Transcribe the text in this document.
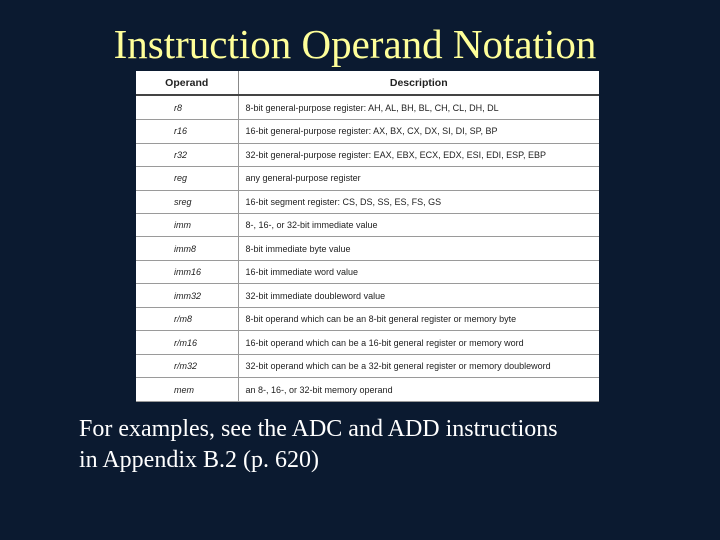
Instruction Operand Notation
Operand	Description
r8	8-bit general-purpose register: AH, AL, BH, BL, CH, CL, DH, DL
r16	16-bit general-purpose register: AX, BX, CX, DX, SI, DI, SP, BP
r32	32-bit general-purpose register: EAX, EBX, ECX, EDX, ESI, EDI, ESP, EBP
reg	any general-purpose register
sreg	16-bit segment register: CS, DS, SS, ES, FS, GS
imm	8-, 16-, or 32-bit immediate value
imm8	8-bit immediate byte value
imm16	16-bit immediate word value
imm32	32-bit immediate doubleword value
r/m8	8-bit operand which can be an 8-bit general register or memory byte
r/m16	16-bit operand which can be a 16-bit general register or memory word
r/m32	32-bit operand which can be a 32-bit general register or memory doubleword
mem	an 8-, 16-, or 32-bit memory operand
For examples, see the ADC and ADD instructions
in Appendix B.2 (p. 620)
